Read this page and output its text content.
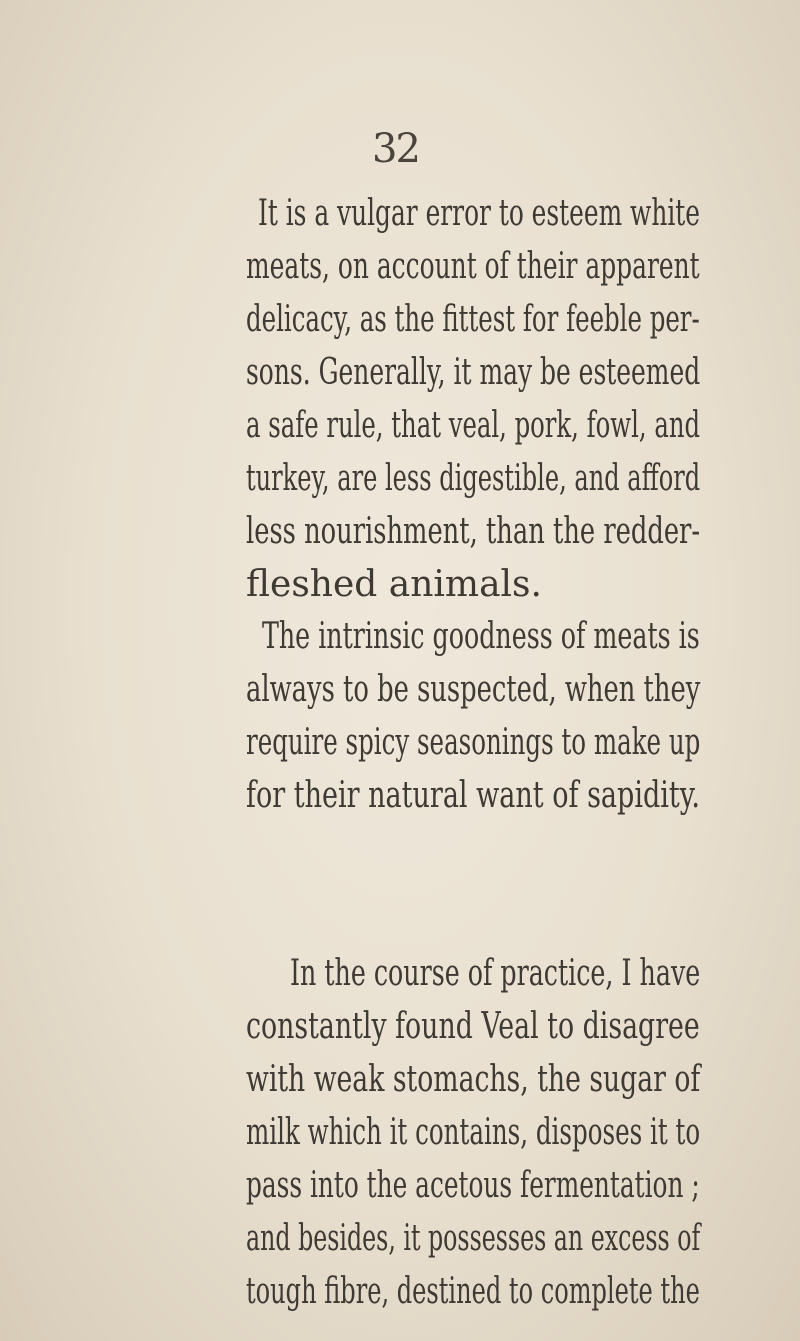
32
It is a vulgar error to esteem white
meats, on account of their apparent
delicacy, as the fittest for feeble per-
sons. Generally, it may be esteemed
a safe rule, that veal, pork, fowl, and
turkey, are less digestible, and afford
less nourishment, than the redder-
fleshed animals.
The intrinsic goodness of meats is
always to be suspected, when they
require spicy seasonings to make up
for their natural want of sapidity.
In the course of practice, I have
constantly found Veal to disagree
with weak stomachs, the sugar of
milk which it contains, disposes it to
pass into the acetous fermentation ;
and besides, it possesses an excess of
tough fibre, destined to complete the
